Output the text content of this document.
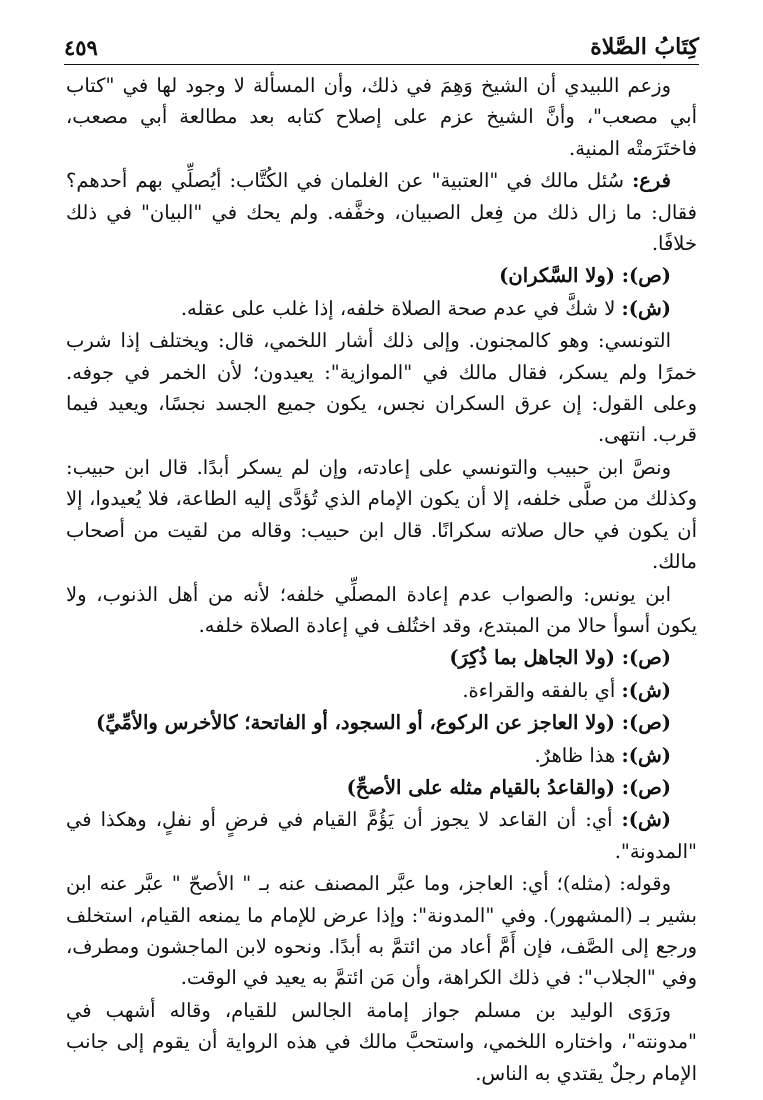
كِتَابُ الصَّلاة
٤٥٩

وزعم اللبيدي أن الشيخ وَهِمَ في ذلك، وأن المسألة لا وجود لها في "كتاب أبي مصعب"، وأنَّ الشيخ عزم على إصلاح كتابه بعد مطالعة أبي مصعب، فاختَرَمتْه المنية.

فرع: سُئل مالك في "العتبية" عن الغلمان في الكُتَّاب: أيُصلِّي بهم أحدهم؟ فقال: ما زال ذلك من فِعل الصبيان، وخفَّفه. ولم يحك في "البيان" في ذلك خلافًا.

(ص): (ولا السَّكران)

(ش): لا شكَّ في عدم صحة الصلاة خلفه، إذا غلب على عقله.

التونسي: وهو كالمجنون. وإلى ذلك أشار اللخمي، قال: ويختلف إذا شرب خمرًا ولم يسكر، فقال مالك في "الموازية": يعيدون؛ لأن الخمر في جوفه. وعلى القول: إن عرق السكران نجس، يكون جميع الجسد نجسًا، ويعيد فيما قرب. انتهى.

ونصَّ ابن حبيب والتونسي على إعادته، وإن لم يسكر أبدًا. قال ابن حبيب: وكذلك من صلَّى خلفه، إلا أن يكون الإمام الذي تُؤدَّى إليه الطاعة، فلا يُعيدوا، إلا أن يكون في حال صلاته سكرانًا. قال ابن حبيب: وقاله من لقيت من أصحاب مالك.

ابن يونس: والصواب عدم إعادة المصلِّي خلفه؛ لأنه من أهل الذنوب، ولا يكون أسوأ حالا من المبتدع، وقد اختُلف في إعادة الصلاة خلفه.

(ص): (ولا الجاهل بما ذُكِرَ)

(ش): أي بالفقه والقراءة.

(ص): (ولا العاجز عن الركوع، أو السجود، أو الفاتحة؛ كالأخرس والأمِّيِّ)

(ش): هذا ظاهرٌ.

(ص): (والقاعدُ بالقيام مثله على الأصحِّ)

(ش): أي: أن القاعد لا يجوز أن يَؤُمَّ القيام في فرضٍ أو نفلٍ، وهكذا في "المدونة".

وقوله: (مثله)؛ أي: العاجز، وما عبَّر المصنف عنه بـ " الأصحّ " عبَّر عنه ابن بشير بـ (المشهور). وفي "المدونة": وإذا عرض للإمام ما يمنعه القيام، استخلف ورجع إلى الصَّف، فإن أَمَّ أعاد من ائتمَّ به أبدًا. ونحوه لابن الماجشون ومطرف، وفي "الجلاب": في ذلك الكراهة، وأن مَن ائتمَّ به يعيد في الوقت.

ورَوَى الوليد بن مسلم جواز إمامة الجالس للقيام، وقاله أشهب في "مدونته"، واختاره اللخمي، واستحبَّ مالك في هذه الرواية أن يقوم إلى جانب الإمام رجلٌ يقتدي به الناس.
